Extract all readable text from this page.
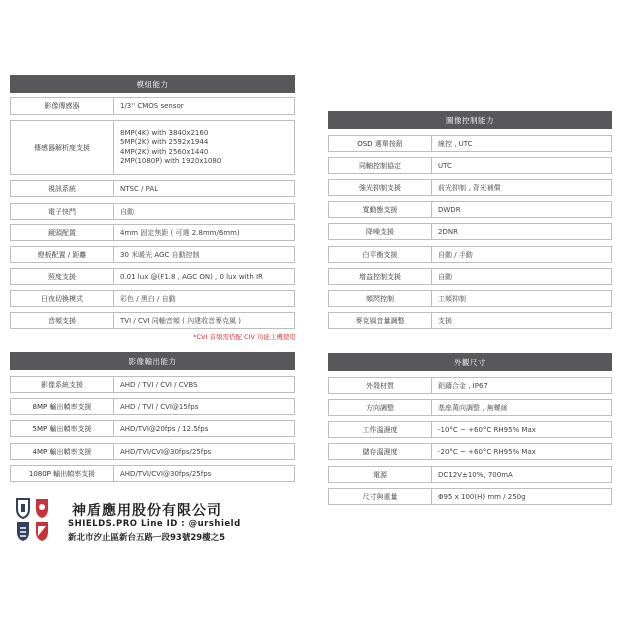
模組能力
影像傳感器	1/3'' CMOS sensor
傳感器解析度支援
8MP(4K) with 3840x2160
5MP(2K) with 2592x1944
4MP(2K) with 2560x1440
2MP(1080P) with 1920x1080
視訊系統	NTSC / PAL
電子快門	自動
鏡頭配置	4mm 固定焦距 ( 可選 2.8mm/6mm)
燈板配置 / 距離	30 米暖光 AGC 自動控制
照度支援	0.01 lux @(F1.8 , AGC ON) , 0 lux with IR
日夜切換模式	彩色 / 黑白 / 自動
音頻支援	TVI / CVI 同軸音頻 ( 內建收音麥克風 )
*CVI 音頻需搭配 CIV 功能主機使用
影像輸出能力
影像系統支援	AHD / TVI / CVI / CVBS
8MP 輸出幀率支援	AHD / TVI / CVI@15fps
5MP 輸出幀率支援	AHD/TVI@20fps / 12.5fps
4MP 輸出幀率支援	AHD/TVI/CVI@30fps/25fps
1080P 輸出幀率支援	AHD/TVI/CVI@30fps/25fps
圖像控制能力
OSD 選單按鈕	線控 , UTC
同軸控制協定	UTC
強光抑制支援	前光抑制 , 背光補償
寬動態支援	DWDR
降噪支援	2DNR
白平衡支援	自動 / 手動
增益控制支援	自動
頻閃控制	工頻抑制
麥克風音量調整	支援
外觀尺寸
外殼材質	鋁鑄合金 , IP67
方向調整	基座萬向調整 , 無螺絲
工作溫濕度	-10°C ~ +60°C RH95% Max
儲存溫濕度	-20°C ~ +60°C RH95% Max
電源	DC12V±10%, 700mA
尺寸與重量	Φ95 x 100(H) mm / 250g
神盾應用股份有限公司
SHIELDS.PRO Line ID : @urshield
新北市汐止區新台五路一段93號29樓之5
